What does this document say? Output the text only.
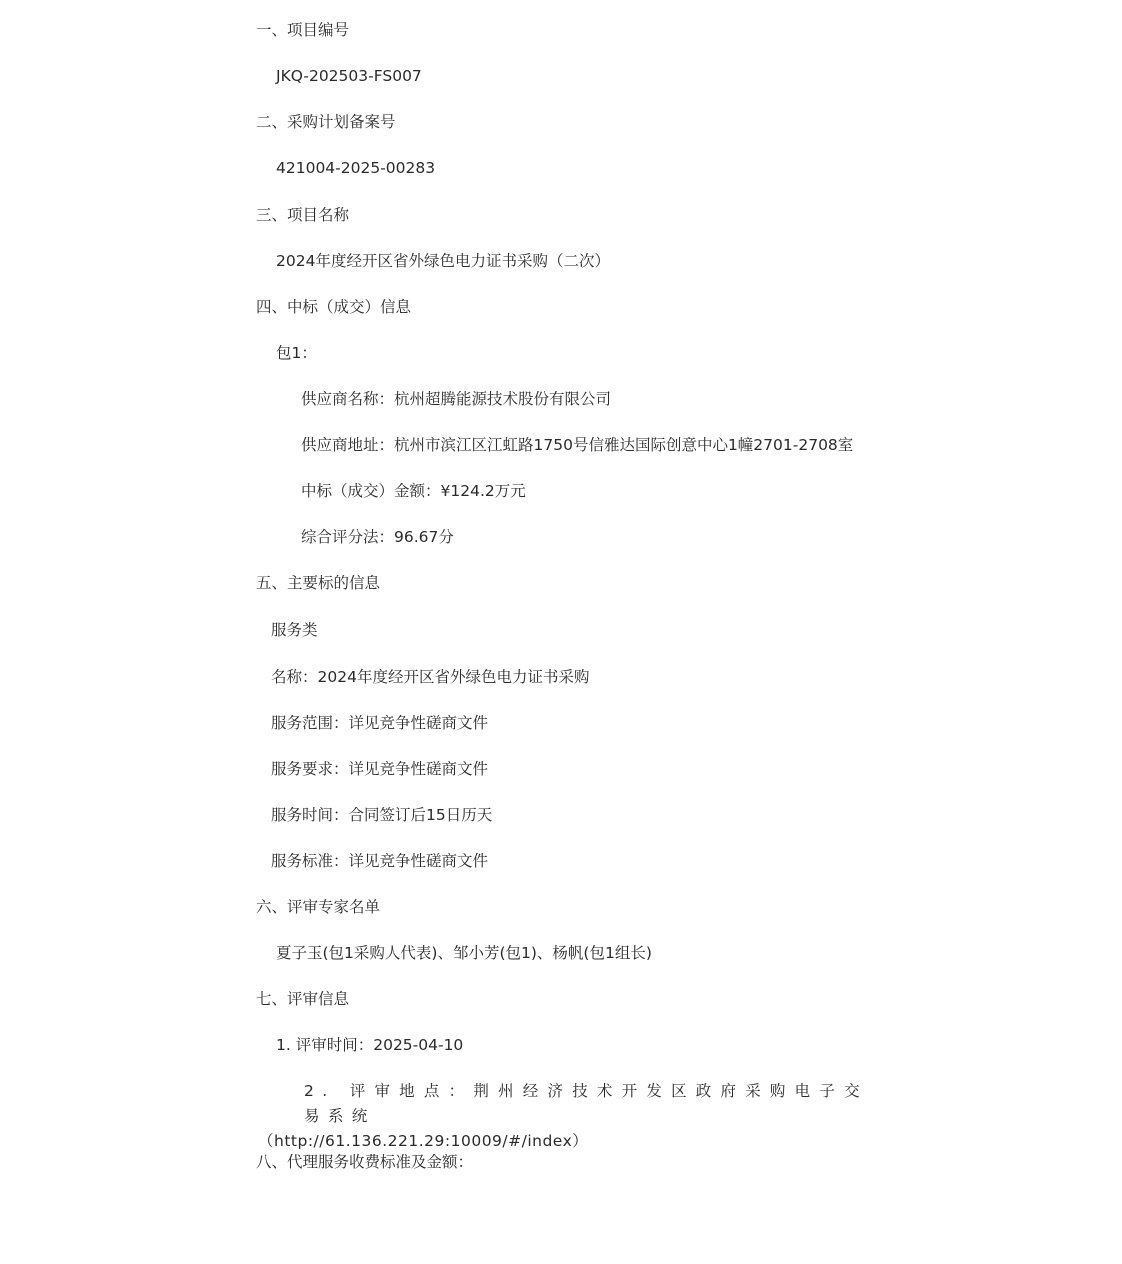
一、项目编号
JKQ-202503-FS007
二、采购计划备案号
421004-2025-00283
三、项目名称
2024年度经开区省外绿色电力证书采购（二次）
四、中标（成交）信息
包1：
供应商名称：杭州超腾能源技术股份有限公司
供应商地址：杭州市滨江区江虹路1750号信雅达国际创意中心1幢2701-2708室
中标（成交）金额：¥124.2万元
综合评分法：96.67分
五、主要标的信息
服务类
名称：2024年度经开区省外绿色电力证书采购
服务范围：详见竞争性磋商文件
服务要求：详见竞争性磋商文件
服务时间：合同签订后15日历天
服务标准：详见竞争性磋商文件
六、评审专家名单
夏子玉(包1采购人代表)、邹小芳(包1)、杨帆(包1组长)
七、评审信息
1. 评审时间：2025-04-10
2. 评审地点：荆州经济技术开发区政府采购电子交易系统
（http://61.136.221.29:10009/#/index）
八、代理服务收费标准及金额：
